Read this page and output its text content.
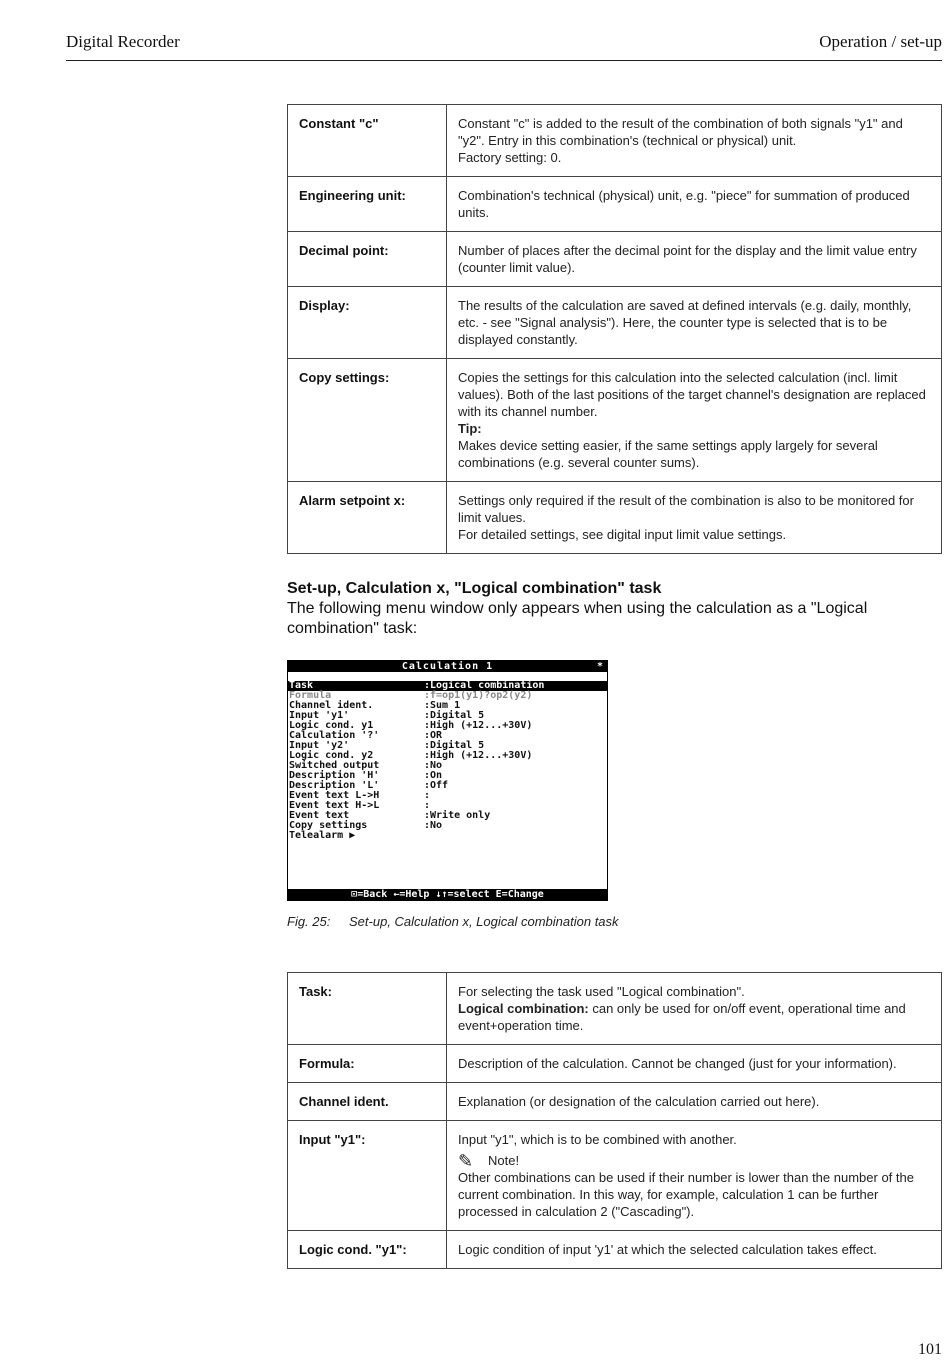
Digital Recorder	Operation / set-up
Constant "c"	Constant "c" is added to the result of the combination of both signals "y1" and "y2". Entry in this combination's (technical or physical) unit.
Factory setting: 0.

Engineering unit:	Combination's technical (physical) unit, e.g. "piece" for summation of produced units.

Decimal point:	Number of places after the decimal point for the display and the limit value entry (counter limit value).

Display:	The results of the calculation are saved at defined intervals (e.g. daily, monthly, etc. - see "Signal analysis"). Here, the counter type is selected that is to be displayed constantly.

Copy settings:	Copies the settings for this calculation into the selected calculation (incl. limit values). Both of the last positions of the target channel's designation are replaced with its channel number.
Tip:
Makes device setting easier, if the same settings apply largely for several combinations (e.g. several counter sums).

Alarm setpoint x:	Settings only required if the result of the combination is also to be monitored for limit values.
For detailed settings, see digital input limit value settings.
Set-up, Calculation x, "Logical combination" task
The following menu window only appears when using the calculation as a "Logical combination" task:
Calculation 1	*
Task	:Logical combination
Formula	:f=op1(y1)?op2(y2)
Channel ident.	:Sum 1
Input 'y1'	:Digital 5
Logic cond. y1	:High (+12...+30V)
Calculation '?'	:OR
Input 'y2'	:Digital 5
Logic cond. y2	:High (+12...+30V)
Switched output	:No
Description 'H'	:On
Description 'L'	:Off
Event text L->H	:
Event text H->L	:
Event text	:Write only
Copy settings	:No
Telealarm ▶
⊡=Back ←=Help ↓↑=select E=Change
Fig. 25: Set-up, Calculation x, Logical combination task
Task:	For selecting the task used "Logical combination".
Logical combination: can only be used for on/off event, operational time and event+operation time.

Formula:	Description of the calculation. Cannot be changed (just for your information).
Channel ident.	Explanation (or designation of the calculation carried out here).
Input "y1":	Input "y1", which is to be combined with another.
✎ Note!
Other combinations can be used if their number is lower than the number of the current combination. In this way, for example, calculation 1 can be further processed in calculation 2 ("Cascading").

Logic cond. "y1":	Logic condition of input 'y1' at which the selected calculation takes effect.
101
